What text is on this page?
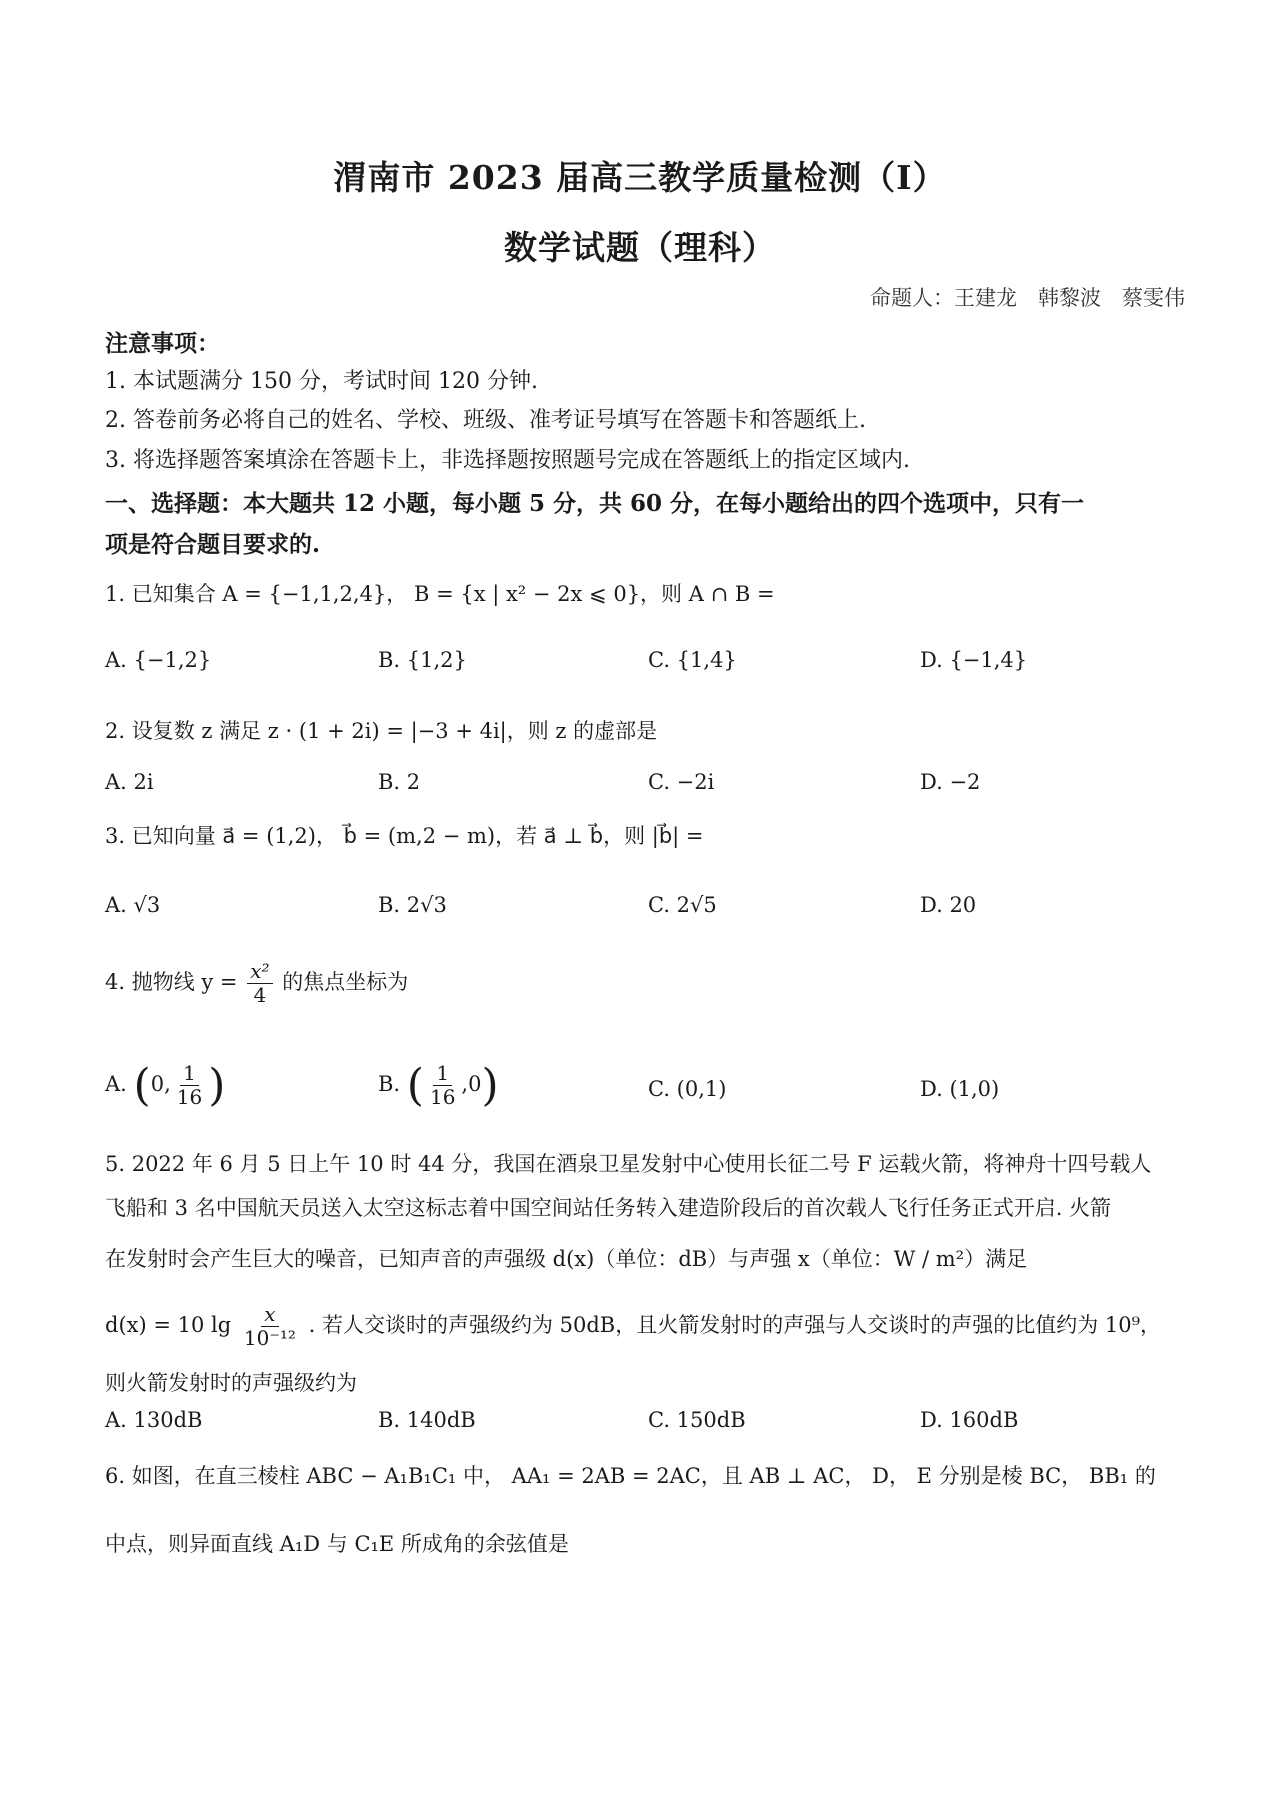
渭南市 2023 届高三教学质量检测（Ⅰ）
数学试题（理科）
命题人：王建龙　韩黎波　蔡雯伟
注意事项：
1. 本试题满分 150 分，考试时间 120 分钟.
2. 答卷前务必将自己的姓名、学校、班级、准考证号填写在答题卡和答题纸上.
3. 将选择题答案填涂在答题卡上，非选择题按照题号完成在答题纸上的指定区域内.
一、选择题：本大题共 12 小题，每小题 5 分，共 60 分，在每小题给出的四个选项中，只有一
项是符合题目要求的.
1. 已知集合 A = {−1,1,2,4}， B = {x | x² − 2x ⩽ 0}，则 A ∩ B =
A. {−1,2}	B. {1,2}	C. {1,4}	D. {−1,4}
2. 设复数 z 满足 z · (1 + 2i) = |−3 + 4i|，则 z 的虚部是
A. 2i	B. 2	C. −2i	D. −2
3. 已知向量 a⃗ = (1,2)， b⃗ = (m,2 − m)，若 a⃗ ⊥ b⃗，则 |b⃗| =
A. √3	B. 2√3	C. 2√5	D. 20
4. 抛物线 $y = \frac{\text{x²}}{4}$ 的焦点坐标为
A. (0, $\frac{1}{16}$ )	B. ( $\frac{1}{16} ,0$)	C. (0,1)	D. (1,0)
5. 2022 年 6 月 5 日上午 10 时 44 分，我国在酒泉卫星发射中心使用长征二号 F 运载火箭，将神舟十四号载人
飞船和 3 名中国航天员送入太空这标志着中国空间站任务转入建造阶段后的首次载人飞行任务正式开启. 火箭
在发射时会产生巨大的噪音，已知声音的声强级 d(x)（单位：dB）与声强 x（单位：W / m²）满足
d(x) = 10 $\lg \frac{x}{\text{10⁻¹²}}$ . 若人交谈时的声强级约为 50dB，且火箭发射时的声强与人交谈时的声强的比值约为 10⁹，
则火箭发射时的声强级约为
A. 130dB	B. 140dB	C. 150dB	D. 160dB
6. 如图，在直三棱柱 ABC − A₁B₁C₁ 中， AA₁ = 2AB = 2AC，且 AB ⊥ AC， D， E 分别是棱 BC， BB₁ 的
中点，则异面直线 A₁D 与 C₁E 所成角的余弦值是
